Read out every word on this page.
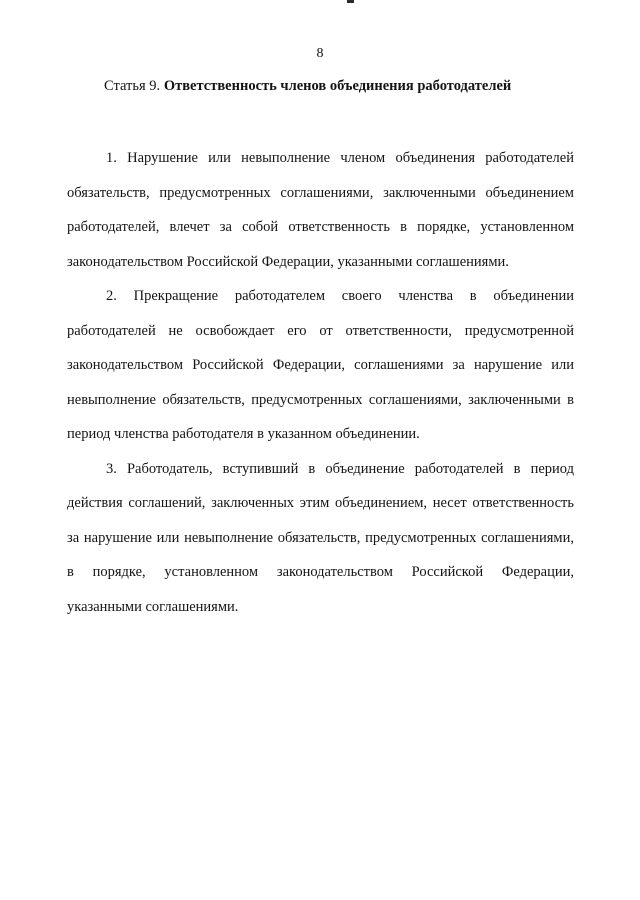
8
Статья 9. Ответственность членов объединения работодателей

1. Нарушение или невыполнение членом объединения работодателей обязательств, предусмотренных соглашениями, заключенными объединением работодателей, влечет за собой ответственность в порядке, установленном законодательством Российской Федерации, указанными соглашениями.

2. Прекращение работодателем своего членства в объединении работодателей не освобождает его от ответственности, предусмотренной законодательством Российской Федерации, соглашениями за нарушение или невыполнение обязательств, предусмотренных соглашениями, заключенными в период членства работодателя в указанном объединении.

3. Работодатель, вступивший в объединение работодателей в период действия соглашений, заключенных этим объединением, несет ответственность за нарушение или невыполнение обязательств, предусмотренных соглашениями, в порядке, установленном законодательством Российской Федерации, указанными соглашениями.
